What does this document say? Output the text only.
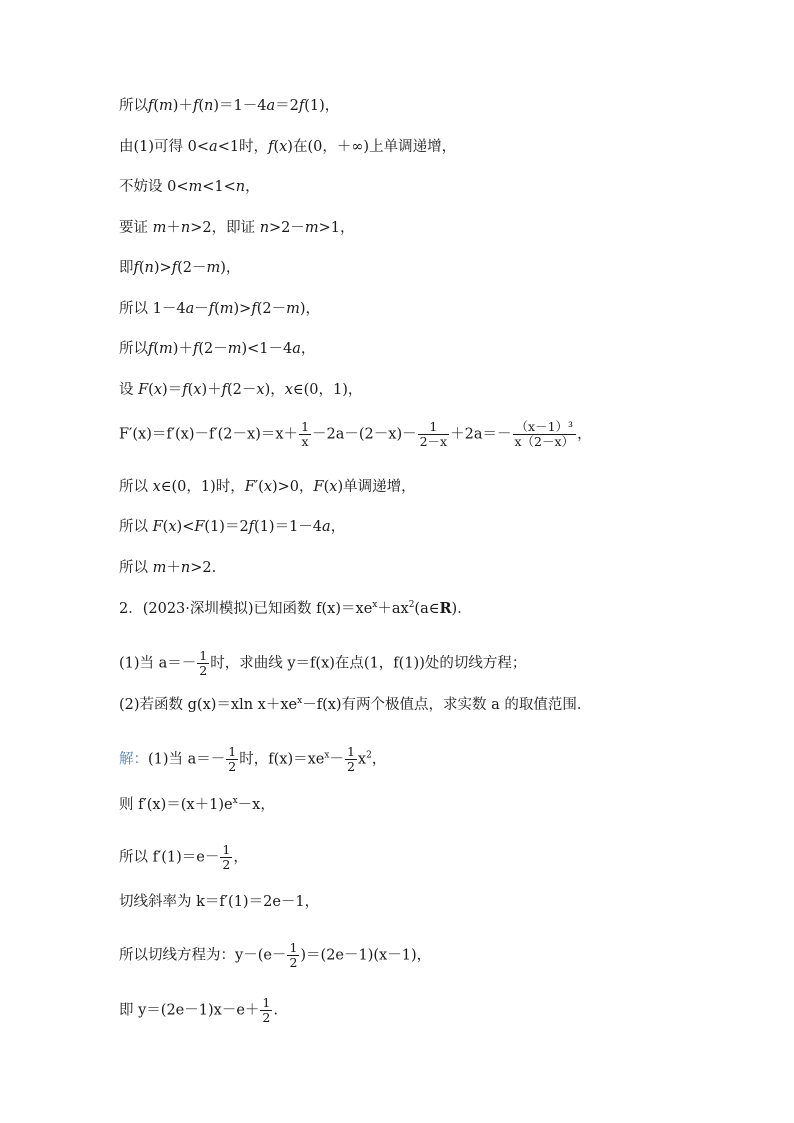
所以f(m)＋f(n)＝1－4a＝2f(1)，
由(1)可得 0<a<1时，f(x)在(0，＋∞)上单调递增，
不妨设 0<m<1<n，
要证 m＋n>2，即证 n>2－m>1，
即f(n)>f(2－m)，
所以 1－4a－f(m)>f(2－m)，
所以f(m)＋f(2－m)<1－4a，
设 F(x)＝f(x)＋f(2－x)，x∈(0，1)，
$F'(x)=f'(x)-f'(2-x)=x+ \frac{1}{x} -2a-(2-x)- \frac{1}{2-x} +2a=- \frac{\text{（x－1）³}}{x(2-x)}$ ，
所以 x∈(0，1)时，F′(x)>0，F(x)单调递增，
所以 F(x)<F(1)＝2f(1)＝1－4a，
所以 m＋n>2.
2．(2023·深圳模拟)已知函数 $f(x)=xe^x+ax^2(a\in R)$．
(1)当 $a=- \frac{1}{2}$ 时，求曲线 y＝f(x)在点(1，f(1))处的切线方程；
(2)若函数 g(x)＝xln $x+xe^x-f(x)$有两个极值点，求实数 a 的取值范围．
解：(1)当 $a=- \frac{1}{2}$ 时，$f(x)=xe^x- \frac{1}{2} x^2$，
则 $f'(x)=(x+1)e^x-x$，
所以 $f'(1)=e- \frac{1}{2}$ ，
切线斜率为 k＝f′(1)＝2e－1，
所以切线方程为：$y-(e- \frac{1}{2} )=(2e-1)(x-1)$，
即 $y=(2e-1)x-e+ \frac{1}{2}$ .
